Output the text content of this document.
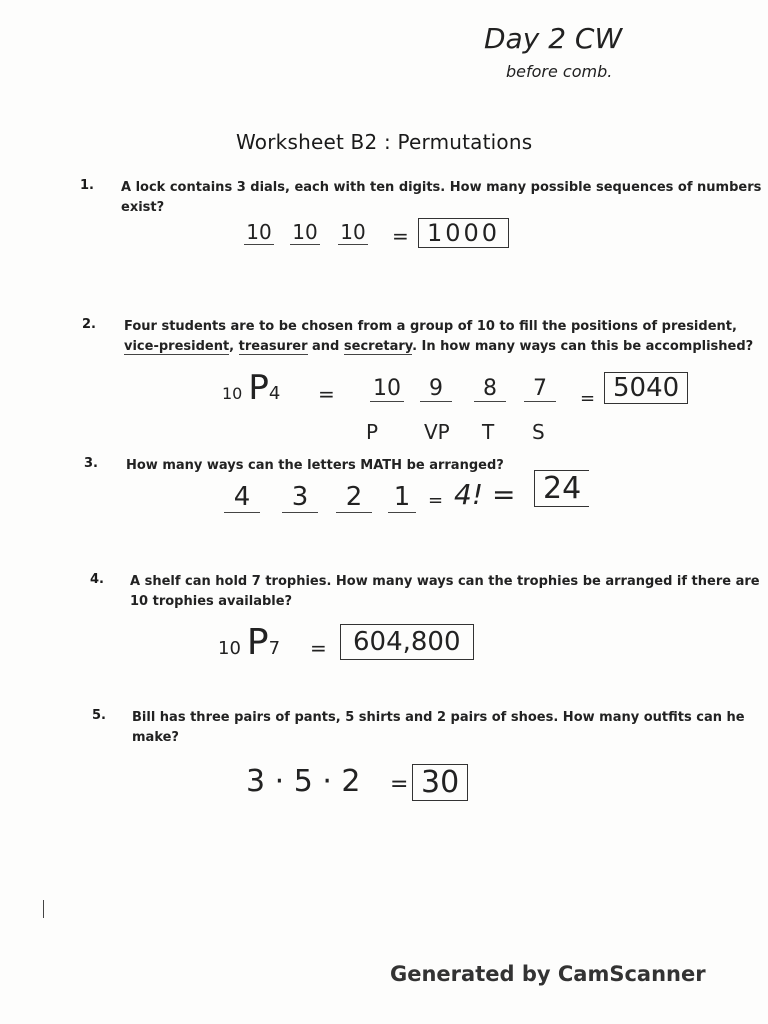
Day 2 CW
before comb.
Worksheet B2 : Permutations
1. A lock contains 3 dials, each with ten digits. How many possible sequences of numbers
exist?
10 10 10 = 1000
2. Four students are to be chosen from a group of 10 to fill the positions of president,
vice-president, treasurer and secretary. In how many ways can this be accomplished?
10 P4 = 10	9	8	7
P VP T S
= 5040
3. How many ways can the letters MATH be arranged?
4	3	2	1 = 4! = 24
4. A shelf can hold 7 trophies. How many ways can the trophies be arranged if there are
10 trophies available?
10 P7 =	604,800
5. Bill has three pairs of pants, 5 shirts and 2 pairs of shoes. How many outfits can he
make?
3 · 5 · 2 = 30
Generated by CamScanner
